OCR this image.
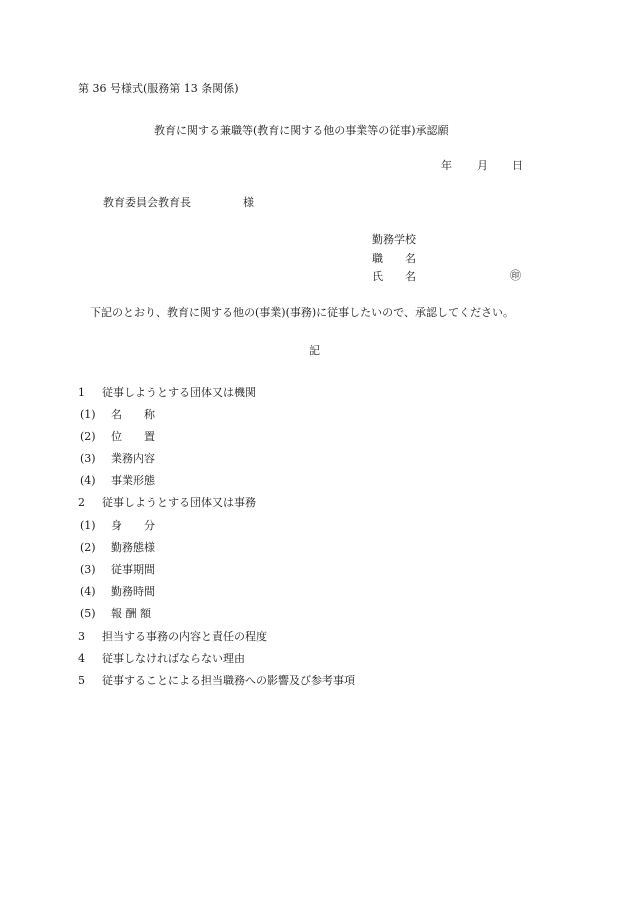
第 36 号様式(服務第 13 条関係)
教育に関する兼職等(教育に関する他の事業等の従事)承認願
年 月 日
教育委員会教育長	様
勤務学校
職　　名
氏　　名	㊞
下記のとおり、教育に関する他の(事業)(事務)に従事したいので、承認してください。
記
1 従事しようとする団体又は機関
(1) 名　　称
(2) 位　　置
(3) 業務内容
(4) 事業形態
2 従事しようとする団体又は事務
(1) 身　　分
(2) 勤務態様
(3) 従事期間
(4) 勤務時間
(5) 報 酬 額
3 担当する事務の内容と責任の程度
4 従事しなければならない理由
5 従事することによる担当職務への影響及び参考事項
